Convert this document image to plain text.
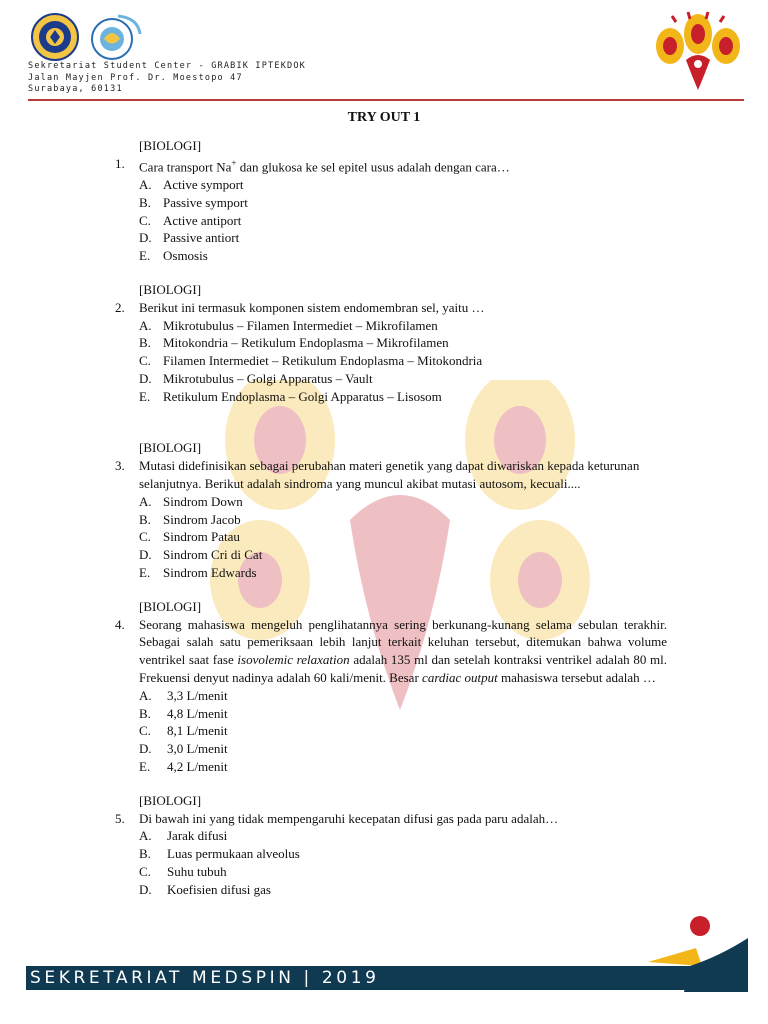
Sekretariat Student Center - GRABIK IPTEKDOK
Jalan Mayjen Prof. Dr. Moestopo 47
Surabaya, 60131
TRY OUT 1
[BIOLOGI]
1.	Cara transport Na+ dan glukosa ke sel epitel usus adalah dengan cara…
A. Active symport
B. Passive symport
C. Active antiport
D. Passive antiort
E. Osmosis
[BIOLOGI]
2.	Berikut ini termasuk komponen sistem endomembran sel, yaitu …
A. Mikrotubulus – Filamen Intermediet – Mikrofilamen
B. Mitokondria – Retikulum Endoplasma – Mikrofilamen
C. Filamen Intermediet – Retikulum Endoplasma – Mitokondria
D. Mikrotubulus – Golgi Apparatus – Vault
E. Retikulum Endoplasma – Golgi Apparatus – Lisosom
[BIOLOGI]
3.	Mutasi didefinisikan sebagai perubahan materi genetik yang dapat diwariskan kepada keturunan selanjutnya. Berikut adalah sindroma yang muncul akibat mutasi autosom, kecuali....
A. Sindrom Down
B. Sindrom Jacob
C. Sindrom Patau
D. Sindrom Cri di Cat
E. Sindrom Edwards
[BIOLOGI]
4.	Seorang mahasiswa mengeluh penglihatannya sering berkunang-kunang selama sebulan terakhir. Sebagai salah satu pemeriksaan lebih lanjut terkait keluhan tersebut, ditemukan bahwa volume ventrikel saat fase isovolemic relaxation adalah 135 ml dan setelah kontraksi ventrikel adalah 80 ml. Frekuensi denyut nadinya adalah 60 kali/menit. Besar cardiac output mahasiswa tersebut adalah …
A.	3,3 L/menit
B.	4,8 L/menit
C.	8,1 L/menit
D.	3,0 L/menit
E.	4,2 L/menit
[BIOLOGI]
5.	Di bawah ini yang tidak mempengaruhi kecepatan difusi gas pada paru adalah…
A.	Jarak difusi
B.	Luas permukaan alveolus
C.	Suhu tubuh
D.	Koefisien difusi gas
SEKRETARIAT MEDSPIN | 2019
